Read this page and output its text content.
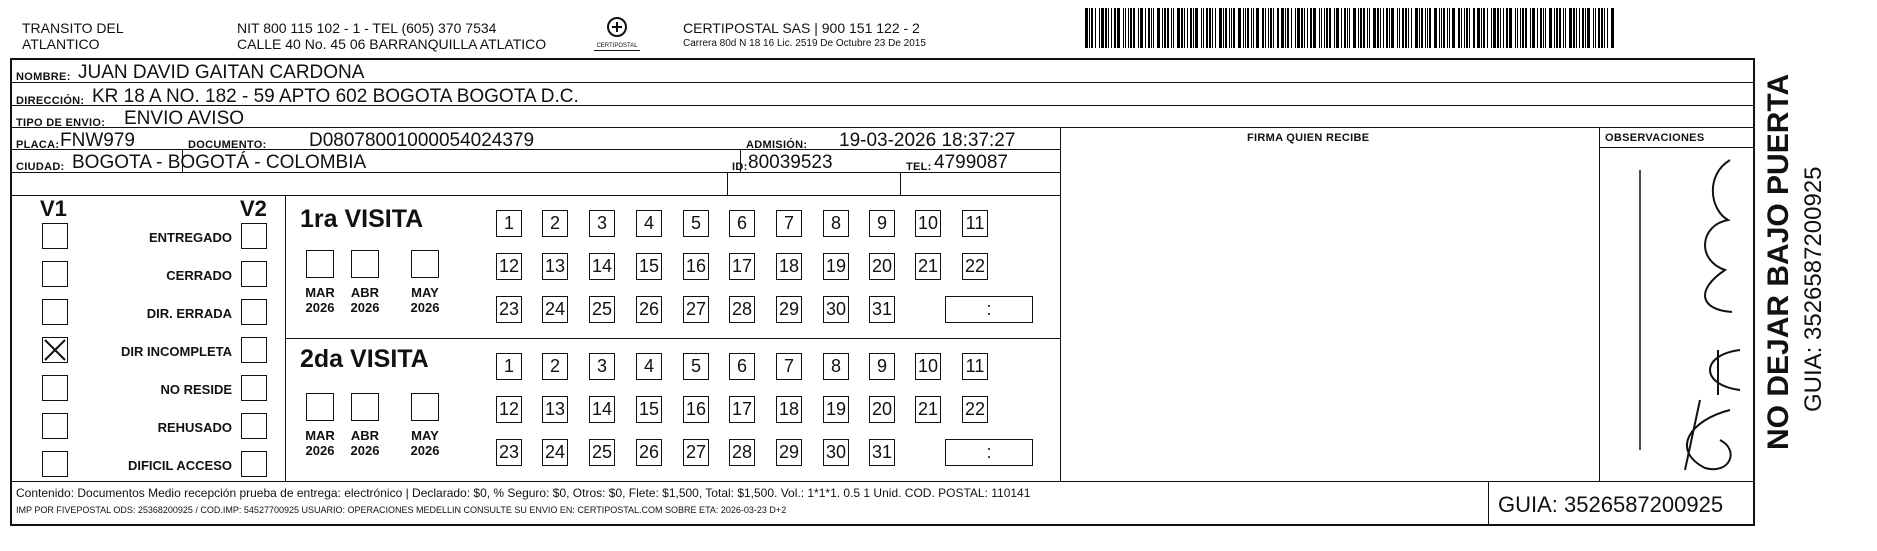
TRANSITO DEL
ATLANTICO
NIT 800 115 102 - 1 - TEL (605) 370 7534
CALLE 40 No. 45 06 BARRANQUILLA ATLATICO	CERTIPOSTAL
CERTIPOSTAL SAS | 900 151 122 - 2
Carrera 80d N 18 16 Lic. 2519 De Octubre 23 De 2015
NOMBRE: JUAN DAVID GAITAN CARDONA
DIRECCIÓN: KR 18 A NO. 182 - 59 APTO 602 BOGOTA BOGOTA D.C.
TIPO DE ENVIO: ENVIO AVISO
FIRMA QUIEN RECIBE	OBSERVACIONES
PLACA: FNW979	DOCUMENTO: D08078001000054024379	ADMISIÓN: 19-03-2026 18:37:27
CIUDAD: BOGOTA - BOGOTÁ - COLOMBIA	ID: 80039523	TEL: 4799087
V1	V2
ENTREGADO
CERRADO
DIR. ERRADA
DIR INCOMPLETA
NO RESIDE
REHUSADO
DIFICIL ACCESO
1ra VISITA
2da VISITA
1	2	3	4	5	6	7	8	9	10 11
12 13 14 15 16 17 18 19 20 21 22
23 24 25 26 27 28 29 30 31	:
MAR
2026
ABR
2026
MAY
2026
1	2	3	4	5	6	7	8	9	10 11
12 13 14 15 16 17 18 19 20 21 22
23 24 25 26 27 28 29 30 31	:
MAR
2026
ABR
2026
MAY
2026
Contenido: Documentos Medio recepción prueba de entrega: electrónico | Declarado: $0, % Seguro: $0, Otros: $0, Flete: $1,500, Total: $1,500. Vol.: 1*1*1. 0.5 1 Unid. COD. POSTAL: 110141
IMP POR FIVEPOSTAL ODS: 25368200925 / COD.IMP: 54527700925 USUARIO: OPERACIONES MEDELLIN CONSULTE SU ENVIO EN: CERTIPOSTAL.COM SOBRE ETA: 2026-03-23 D+2	GUIA: 3526587200925
NO DEJAR BAJO PUERTA GUIA: 3526587200925
